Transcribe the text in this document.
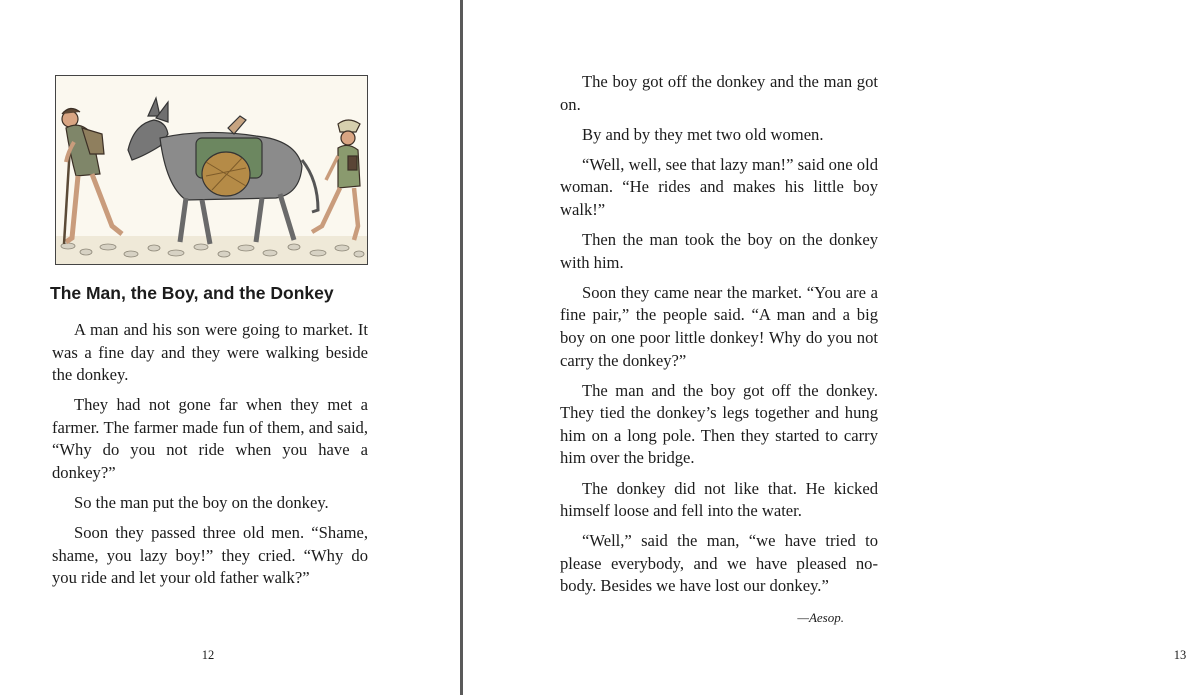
The Man, the Boy, and the Donkey

A man and his son were going to market. It was a fine day and they were walking beside the donkey.

They had not gone far when they met a farmer. The farmer made fun of them, and said, “Why do you not ride when you have a donkey?”

So the man put the boy on the donkey.

Soon they passed three old men. “Shame, shame, you lazy boy!” they cried. “Why do you ride and let your old father walk?”

12	13

The boy got off the donkey and the man got on.

By and by they met two old women.

“Well, well, see that lazy man!” said one old woman. “He rides and makes his little boy walk!”

Then the man took the boy on the donkey with him.

Soon they came near the market. “You are a fine pair,” the people said. “A man and a big boy on one poor little donkey! Why do you not carry the donkey?”

The man and the boy got off the donkey. They tied the donkey’s legs together and hung him on a long pole. Then they started to carry him over the bridge.

The donkey did not like that. He kicked himself loose and fell into the water.

“Well,” said the man, “we have tried to please everybody, and we have pleased no-body. Besides we have lost our donkey.”

—Aesop.
